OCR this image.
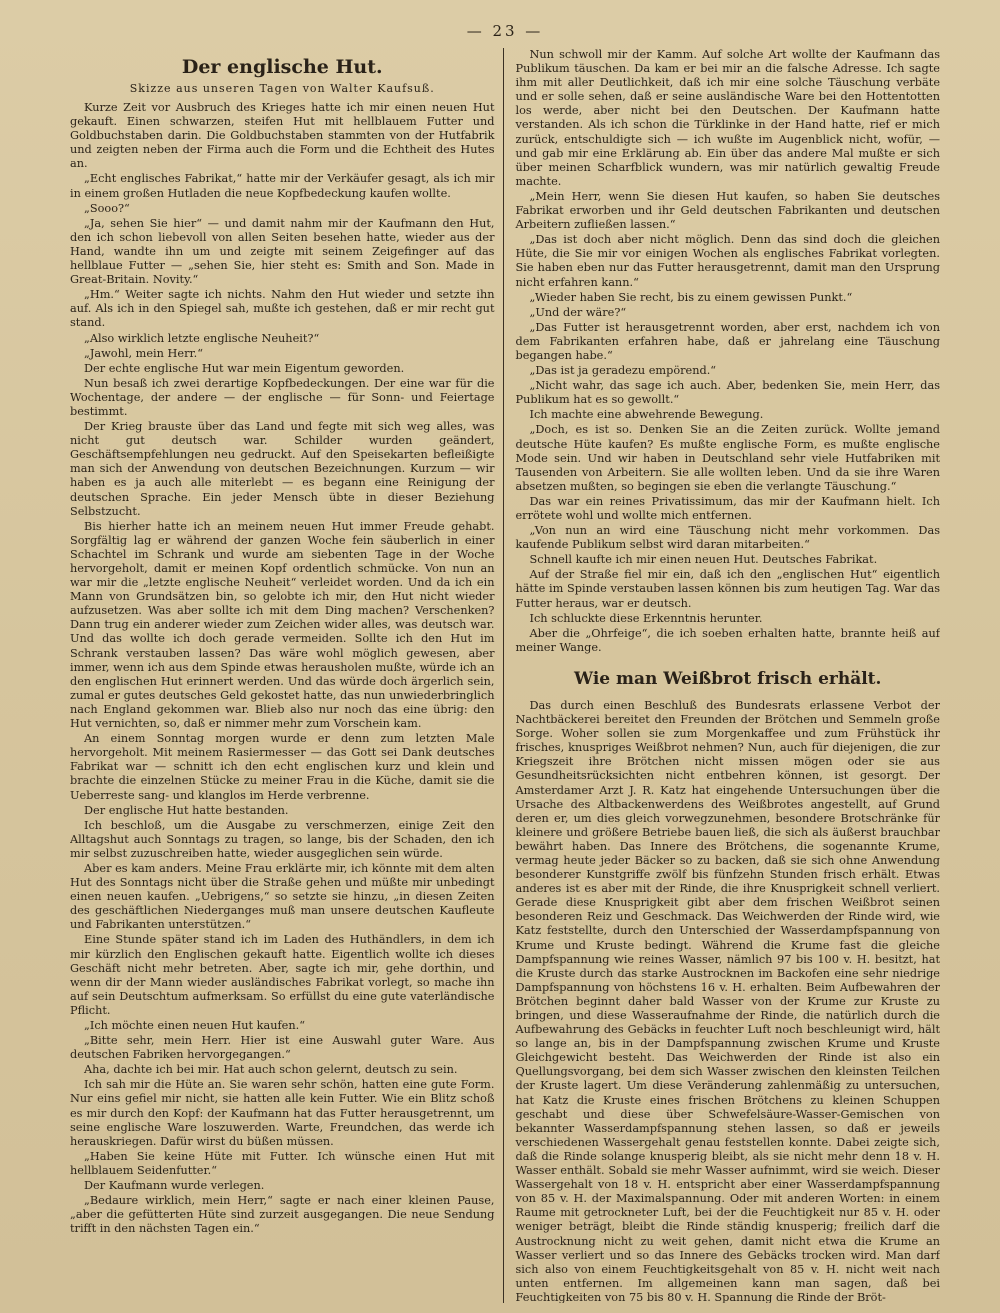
— 23 —
Der englische Hut.
Skizze aus unseren Tagen von Walter Kaufsuß.

Kurze Zeit vor Ausbruch des Krieges hatte ich mir einen neuen Hut gekauft. Einen schwarzen, steifen Hut mit hellblauem Futter und Goldbuchstaben darin. Die Goldbuchstaben stammten von der Hutfabrik und zeigten neben der Firma auch die Form und die Echtheit des Hutes an.

„Echt englisches Fabrikat,“ hatte mir der Verkäufer gesagt, als ich mir in einem großen Hutladen die neue Kopfbedeckung kaufen wollte.

„Sooo?“

„Ja, sehen Sie hier“ — und damit nahm mir der Kaufmann den Hut, den ich schon liebevoll von allen Seiten besehen hatte, wieder aus der Hand, wandte ihn um und zeigte mit seinem Zeigefinger auf das hellblaue Futter — „sehen Sie, hier steht es: Smith and Son. Made in Great-Britain. Novity.“

„Hm.“ Weiter sagte ich nichts. Nahm den Hut wieder und setzte ihn auf. Als ich in den Spiegel sah, mußte ich gestehen, daß er mir recht gut stand.

„Also wirklich letzte englische Neuheit?“

„Jawohl, mein Herr.“

Der echte englische Hut war mein Eigentum geworden.

Nun besaß ich zwei derartige Kopfbedeckungen. Der eine war für die Wochentage, der andere — der englische — für Sonn- und Feiertage bestimmt.

Der Krieg brauste über das Land und fegte mit sich weg alles, was nicht gut deutsch war. Schilder wurden geändert, Geschäftsempfehlungen neu gedruckt. Auf den Speisekarten befleißigte man sich der Anwendung von deutschen Bezeichnungen. Kurzum — wir haben es ja auch alle miterlebt — es begann eine Reinigung der deutschen Sprache. Ein jeder Mensch übte in dieser Beziehung Selbstzucht.

Bis hierher hatte ich an meinem neuen Hut immer Freude gehabt. Sorgfältig lag er während der ganzen Woche fein säuberlich in einer Schachtel im Schrank und wurde am siebenten Tage in der Woche hervorgeholt, damit er meinen Kopf ordentlich schmücke. Von nun an war mir die „letzte englische Neuheit“ verleidet worden. Und da ich ein Mann von Grundsätzen bin, so gelobte ich mir, den Hut nicht wieder aufzusetzen. Was aber sollte ich mit dem Ding machen? Verschenken? Dann trug ein anderer wieder zum Zeichen wider alles, was deutsch war. Und das wollte ich doch gerade vermeiden. Sollte ich den Hut im Schrank verstauben lassen? Das wäre wohl möglich gewesen, aber immer, wenn ich aus dem Spinde etwas herausholen mußte, würde ich an den englischen Hut erinnert werden. Und das würde doch ärgerlich sein, zumal er gutes deutsches Geld gekostet hatte, das nun unwiederbringlich nach England gekommen war. Blieb also nur noch das eine übrig: den Hut vernichten, so, daß er nimmer mehr zum Vorschein kam.

An einem Sonntag morgen wurde er denn zum letzten Male hervorgeholt. Mit meinem Rasiermesser — das Gott sei Dank deutsches Fabrikat war — schnitt ich den echt englischen kurz und klein und brachte die einzelnen Stücke zu meiner Frau in die Küche, damit sie die Ueberreste sang- und klanglos im Herde verbrenne.

Der englische Hut hatte bestanden.

Ich beschloß, um die Ausgabe zu verschmerzen, einige Zeit den Alltagshut auch Sonntags zu tragen, so lange, bis der Schaden, den ich mir selbst zuzuschreiben hatte, wieder ausgeglichen sein würde.

Aber es kam anders. Meine Frau erklärte mir, ich könnte mit dem alten Hut des Sonntags nicht über die Straße gehen und müßte mir unbedingt einen neuen kaufen. „Uebrigens,“ so setzte sie hinzu, „in diesen Zeiten des geschäftlichen Niederganges muß man unsere deutschen Kaufleute und Fabrikanten unterstützen.“

Eine Stunde später stand ich im Laden des Huthändlers, in dem ich mir kürzlich den Englischen gekauft hatte. Eigentlich wollte ich dieses Geschäft nicht mehr betreten. Aber, sagte ich mir, gehe dorthin, und wenn dir der Mann wieder ausländisches Fabrikat vorlegt, so mache ihn auf sein Deutschtum aufmerksam. So erfüllst du eine gute vaterländische Pflicht.

„Ich möchte einen neuen Hut kaufen.“

„Bitte sehr, mein Herr. Hier ist eine Auswahl guter Ware. Aus deutschen Fabriken hervorgegangen.“

Aha, dachte ich bei mir. Hat auch schon gelernt, deutsch zu sein.

Ich sah mir die Hüte an. Sie waren sehr schön, hatten eine gute Form. Nur eins gefiel mir nicht, sie hatten alle kein Futter. Wie ein Blitz schoß es mir durch den Kopf: der Kaufmann hat das Futter herausgetrennt, um seine englische Ware loszuwerden. Warte, Freundchen, das werde ich herauskriegen. Dafür wirst du büßen müssen.

„Haben Sie keine Hüte mit Futter. Ich wünsche einen Hut mit hellblauem Seidenfutter.“

Der Kaufmann wurde verlegen.

„Bedaure wirklich, mein Herr,“ sagte er nach einer kleinen Pause, „aber die gefütterten Hüte sind zurzeit ausgegangen. Die neue Sendung trifft in den nächsten Tagen ein.“

Nun schwoll mir der Kamm. Auf solche Art wollte der Kaufmann das Publikum täuschen. Da kam er bei mir an die falsche Adresse. Ich sagte ihm mit aller Deutlichkeit, daß ich mir eine solche Täuschung verbäte und er solle sehen, daß er seine ausländische Ware bei den Hottentotten los werde, aber nicht bei den Deutschen. Der Kaufmann hatte verstanden. Als ich schon die Türklinke in der Hand hatte, rief er mich zurück, entschuldigte sich — ich wußte im Augenblick nicht, wofür, — und gab mir eine Erklärung ab. Ein über das andere Mal mußte er sich über meinen Scharfblick wundern, was mir natürlich gewaltig Freude machte.

„Mein Herr, wenn Sie diesen Hut kaufen, so haben Sie deutsches Fabrikat erworben und ihr Geld deutschen Fabrikanten und deutschen Arbeitern zufließen lassen.“

„Das ist doch aber nicht möglich. Denn das sind doch die gleichen Hüte, die Sie mir vor einigen Wochen als englisches Fabrikat vorlegten. Sie haben eben nur das Futter herausgetrennt, damit man den Ursprung nicht erfahren kann.“

„Wieder haben Sie recht, bis zu einem gewissen Punkt.“

„Und der wäre?“

„Das Futter ist herausgetrennt worden, aber erst, nachdem ich von dem Fabrikanten erfahren habe, daß er jahrelang eine Täuschung begangen habe.“

„Das ist ja geradezu empörend.“

„Nicht wahr, das sage ich auch. Aber, bedenken Sie, mein Herr, das Publikum hat es so gewollt.“

Ich machte eine abwehrende Bewegung.

„Doch, es ist so. Denken Sie an die Zeiten zurück. Wollte jemand deutsche Hüte kaufen? Es mußte englische Form, es mußte englische Mode sein. Und wir haben in Deutschland sehr viele Hutfabriken mit Tausenden von Arbeitern. Sie alle wollten leben. Und da sie ihre Waren absetzen mußten, so begingen sie eben die verlangte Täuschung.“

Das war ein reines Privatissimum, das mir der Kaufmann hielt. Ich errötete wohl und wollte mich entfernen.

„Von nun an wird eine Täuschung nicht mehr vorkommen. Das kaufende Publikum selbst wird daran mitarbeiten.“

Schnell kaufte ich mir einen neuen Hut. Deutsches Fabrikat.

Auf der Straße fiel mir ein, daß ich den „englischen Hut“ eigentlich hätte im Spinde verstauben lassen können bis zum heutigen Tag. War das Futter heraus, war er deutsch.

Ich schluckte diese Erkenntnis herunter.

Aber die „Ohrfeige“, die ich soeben erhalten hatte, brannte heiß auf meiner Wange.

Wie man Weißbrot frisch erhält.

Das durch einen Beschluß des Bundesrats erlassene Verbot der Nachtbäckerei bereitet den Freunden der Brötchen und Semmeln große Sorge. Woher sollen sie zum Morgenkaffee und zum Frühstück ihr frisches, knuspriges Weißbrot nehmen? Nun, auch für diejenigen, die zur Kriegszeit ihre Brötchen nicht missen mögen oder sie aus Gesundheitsrücksichten nicht entbehren können, ist gesorgt. Der Amsterdamer Arzt J. R. Katz hat eingehende Untersuchungen über die Ursache des Altbackenwerdens des Weißbrotes angestellt, auf Grund deren er, um dies gleich vorwegzunehmen, besondere Brotschränke für kleinere und größere Betriebe bauen ließ, die sich als äußerst brauchbar bewährt haben. Das Innere des Brötchens, die sogenannte Krume, vermag heute jeder Bäcker so zu backen, daß sie sich ohne Anwendung besonderer Kunstgriffe zwölf bis fünfzehn Stunden frisch erhält. Etwas anderes ist es aber mit der Rinde, die ihre Knusprigkeit schnell verliert. Gerade diese Knusprigkeit gibt aber dem frischen Weißbrot seinen besonderen Reiz und Geschmack. Das Weichwerden der Rinde wird, wie Katz feststellte, durch den Unterschied der Wasserdampfspannung von Krume und Kruste bedingt. Während die Krume fast die gleiche Dampfspannung wie reines Wasser, nämlich 97 bis 100 v. H. besitzt, hat die Kruste durch das starke Austrocknen im Backofen eine sehr niedrige Dampfspannung von höchstens 16 v. H. erhalten. Beim Aufbewahren der Brötchen beginnt daher bald Wasser von der Krume zur Kruste zu bringen, und diese Wasseraufnahme der Rinde, die natürlich durch die Aufbewahrung des Gebäcks in feuchter Luft noch beschleunigt wird, hält so lange an, bis in der Dampfspannung zwischen Krume und Kruste Gleichgewicht besteht. Das Weichwerden der Rinde ist also ein Quellungsvorgang, bei dem sich Wasser zwischen den kleinsten Teilchen der Kruste lagert. Um diese Veränderung zahlenmäßig zu untersuchen, hat Katz die Kruste eines frischen Brötchens zu kleinen Schuppen geschabt und diese über Schwefelsäure-Wasser-Gemischen von bekannter Wasserdampfspannung stehen lassen, so daß er jeweils verschiedenen Wassergehalt genau feststellen konnte. Dabei zeigte sich, daß die Rinde solange knusperig bleibt, als sie nicht mehr denn 18 v. H. Wasser enthält. Sobald sie mehr Wasser aufnimmt, wird sie weich. Dieser Wassergehalt von 18 v. H. entspricht aber einer Wasserdampfspannung von 85 v. H. der Maximalspannung. Oder mit anderen Worten: in einem Raume mit getrockneter Luft, bei der die Feuchtigkeit nur 85 v. H. oder weniger beträgt, bleibt die Rinde ständig knusperig; freilich darf die Austrocknung nicht zu weit gehen, damit nicht etwa die Krume an Wasser verliert und so das Innere des Gebäcks trocken wird. Man darf sich also von einem Feuchtigkeitsgehalt von 85 v. H. nicht weit nach unten entfernen. Im allgemeinen kann man sagen, daß bei Feuchtigkeiten von 75 bis 80 v. H. Spannung die Rinde der Bröt-
